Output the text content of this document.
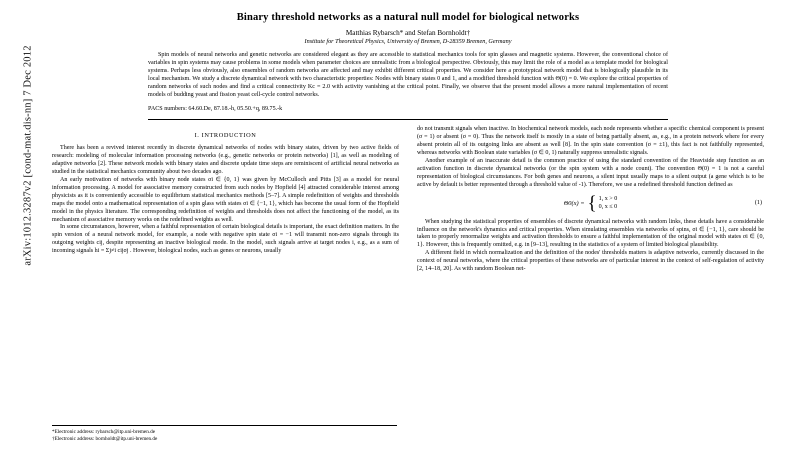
arXiv:1012.3287v2 [cond-mat.dis-nn] 7 Dec 2012
Binary threshold networks as a natural null model for biological networks
Matthias Rybarsch* and Stefan Bornholdt†
Institute for Theoretical Physics, University of Bremen, D-28359 Bremen, Germany

Spin models of neural networks and genetic networks are considered elegant as they are accessible to statistical mechanics tools for spin glasses and magnetic systems. However, the conventional choice of variables in spin systems may cause problems in some models when parameter choices are unrealistic from a biological perspective. Obviously, this may limit the role of a model as a template model for biological systems. Perhaps less obviously, also ensembles of random networks are affected and may exhibit different critical properties. We consider here a prototypical network model that is biologically plausible in its local mechanism. We study a discrete dynamical network with two characteristic properties: Nodes with binary states 0 and 1, and a modified threshold function with Θ(0) = 0. We explore the critical properties of random networks of such nodes and find a critical connectivity Kc = 2.0 with activity vanishing at the critical point. Finally, we observe that the present model allows a more natural implementation of recent models of budding yeast and fission yeast cell-cycle control networks.

PACS numbers: 64.60.De, 87.18.-h, 05.50.+q, 89.75.-k
I. INTRODUCTION

There has been a revived interest recently in discrete dynamical networks of nodes with binary states, driven by two active fields of research: modeling of molecular information processing networks (e.g., genetic networks or protein networks) [1], as well as modeling of adaptive networks [2]. These network models with binary states and discrete update time steps are reminiscent of artificial neural networks as studied in the statistical mechanics community about two decades ago.

An early motivation of networks with binary node states σi ∈ {0, 1} was given by McCulloch and Pitts [3] as a model for neural information processing. A model for associative memory constructed from such nodes by Hopfield [4] attracted considerable interest among physicists as it is conveniently accessible to equilibrium statistical mechanics methods [5–7]. A simple redefinition of weights and thresholds maps the model onto a mathematical representation of a spin glass with states σi ∈ {−1, 1}, which has become the usual form of the Hopfield model in the physics literature. The corresponding redefinition of weights and thresholds does not affect the functioning of the model, as its mechanism of associative memory works on the redefined weights as well.

In some circumstances, however, when a faithful representation of certain biological details is important, the exact definition matters. In the spin version of a neural network model, for example, a node with negative spin state σi = −1 will transmit non-zero signals through its outgoing weights cij, despite representing an inactive biological mode. In the model, such signals arrive at target nodes i, e.g., as a sum of incoming signals hi = Σj≠i cijσj . However, biological nodes, such as genes or neurons, usually

do not transmit signals when inactive. In biochemical network models, each node represents whether a specific chemical component is present (σ = 1) or absent (σ = 0). Thus the network itself is mostly in a state of being partially absent, as, e.g., in a protein network where for every absent protein all of its outgoing links are absent as well [8]. In the spin state convention (σ = ±1), this fact is not faithfully represented, whereas networks with Boolean state variables (σ ∈ 0, 1) naturally suppress unrealistic signals.

Another example of an inaccurate detail is the common practice of using the standard convention of the Heaviside step function as an activation function in discrete dynamical networks (or the spin system with a node count). The convention Θ(0) = 1 is not a careful representation of biological circumstances. For both genes and neurons, a silent input usually maps to a silent output (a gene which is to be active by default is better represented through a threshold value of -1). Therefore, we use a redefined threshold function defined as

Θ0(x) = { 1, x > 0
0, x ≤ 0
(1)

When studying the statistical properties of ensembles of discrete dynamical networks with random links, these details have a considerable influence on the network's dynamics and critical properties. When simulating ensembles via networks of spins, σi ∈ {−1, 1}, care should be taken to properly renormalize weights and activation thresholds to ensure a faithful implementation of the original model with states σi ∈ {0, 1}. However, this is frequently omitted, e.g. in [9–13], resulting in the statistics of a system of limited biological plausibility.

A different field in which normalization and the definition of the nodes' thresholds matters is adaptive networks, currently discussed in the context of neural networks, where the critical properties of these networks are of particular interest in the context of self-regulation of activity [2, 14–18, 20]. As with random Boolean net-

*Electronic address: rybarsch@itp.uni-bremen.de
†Electronic address: bornholdt@itp.uni-bremen.de
